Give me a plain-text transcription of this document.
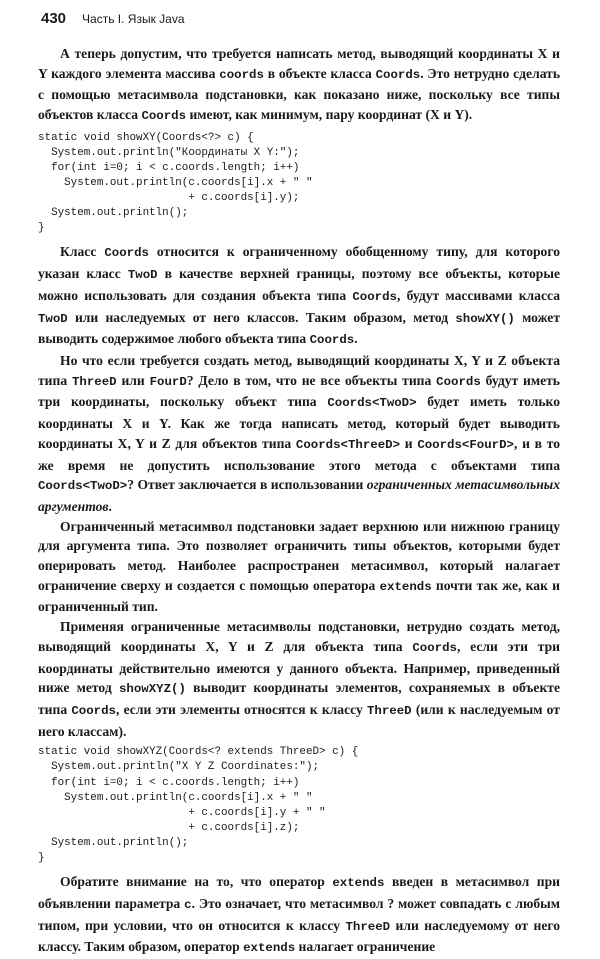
430 Часть I. Язык Java

А теперь допустим, что требуется написать метод, выводящий координаты X и Y каждого элемента массива coords в объекте класса Coords. Это нетрудно сделать с помощью метасимвола подстановки, как показано ниже, поскольку все типы объектов класса Coords имеют, как минимум, пару координат (X и Y).

static void showXY(Coords<?> c) {
System.out.println("Координаты X Y:");
for(int i=0; i < c.coords.length; i++)
System.out.println(c.coords[i].x + " "
+ c.coords[i].y);
System.out.println();
}

Класс Coords относится к ограниченному обобщенному типу, для которого указан класс TwoD в качестве верхней границы, поэтому все объекты, которые можно использовать для создания объекта типа Coords, будут массивами класса TwoD или наследуемых от него классов. Таким образом, метод showXY() может выводить содержимое любого объекта типа Coords.

Но что если требуется создать метод, выводящий координаты X, Y и Z объекта типа ThreeD или FourD? Дело в том, что не все объекты типа Coords будут иметь три координаты, поскольку объект типа Coords<TwoD> будет иметь только координаты X и Y. Как же тогда написать метод, который будет выводить координаты X, Y и Z для объектов типа Coords<ThreeD> и Coords<FourD>, и в то же время не допустить использование этого метода с объектами типа Coords<TwoD>? Ответ заключается в использовании ограниченных метасимвольных аргументов.

Ограниченный метасимвол подстановки задает верхнюю или нижнюю границу для аргумента типа. Это позволяет ограничить типы объектов, которыми будет оперировать метод. Наиболее распространен метасимвол, который налагает ограничение сверху и создается с помощью оператора extends почти так же, как и ограниченный тип.

Применяя ограниченные метасимволы подстановки, нетрудно создать метод, выводящий координаты X, Y и Z для объекта типа Coords, если эти три координаты действительно имеются у данного объекта. Например, приведенный ниже метод showXYZ() выводит координаты элементов, сохраняемых в объекте типа Coords, если эти элементы относятся к классу ThreeD (или к наследуемым от него классам).

static void showXYZ(Coords<? extends ThreeD> c) {
System.out.println("X Y Z Coordinates:");
for(int i=0; i < c.coords.length; i++)
System.out.println(c.coords[i].x + " "
+ c.coords[i].y + " "
+ c.coords[i].z);
System.out.println();
}

Обратите внимание на то, что оператор extends введен в метасимвол при объявлении параметра c. Это означает, что метасимвол ? может совпадать с любым типом, при условии, что он относится к классу ThreeD или наследуемому от него классу. Таким образом, оператор extends налагает ограничение
